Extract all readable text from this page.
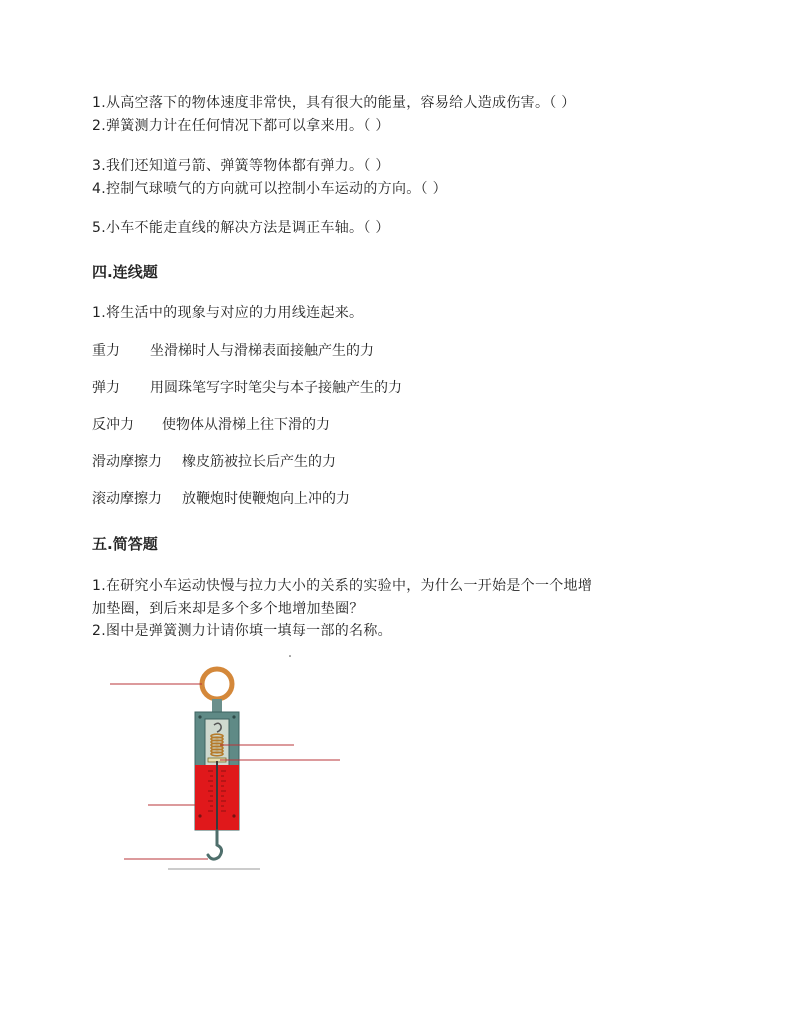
1.从高空落下的物体速度非常快，具有很大的能量，容易给人造成伤害。（ ）
2.弹簧测力计在任何情况下都可以拿来用。（ ）
3.我们还知道弓箭、弹簧等物体都有弹力。（ ）
4.控制气球喷气的方向就可以控制小车运动的方向。（ ）
5.小车不能走直线的解决方法是调正车轴。（ ）
四.连线题
1.将生活中的现象与对应的力用线连起来。
重力 坐滑梯时人与滑梯表面接触产生的力
弹力 用圆珠笔写字时笔尖与本子接触产生的力
反冲力 使物体从滑梯上往下滑的力
滑动摩擦力 橡皮筋被拉长后产生的力
滚动摩擦力 放鞭炮时使鞭炮向上冲的力
五.简答题
1.在研究小车运动快慢与拉力大小的关系的实验中，为什么一开始是个一个地增
加垫圈，到后来却是多个多个地增加垫圈？
2.图中是弹簧测力计请你填一填每一部的名称。
